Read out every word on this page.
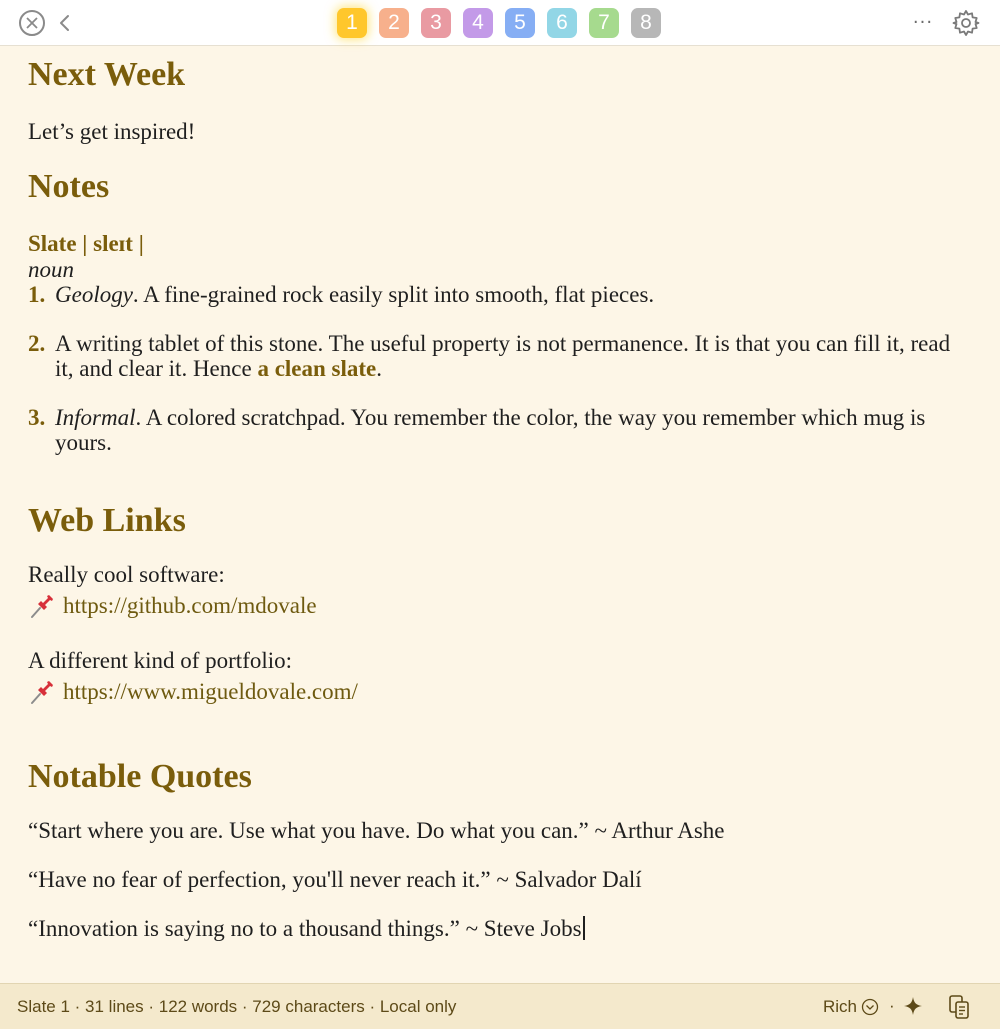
1	2	3	4	5	6	7	8	···
Next Week
Let’s get inspired!
Notes
Slate | sleɪt |
noun
1. Geology. A fine-grained rock easily split into smooth, flat pieces.
2. A writing tablet of this stone. The useful property is not permanence. It is that you can fill it, read it, and clear it. Hence a clean slate.
3. Informal. A colored scratchpad. You remember the color, the way you remember which mug is yours.
Web Links
Really cool software:
https://github.com/mdovale
A different kind of portfolio:
https://www.migueldovale.com/
Notable Quotes
“Start where you are. Use what you have. Do what you can.” ~ Arthur Ashe
“Have no fear of perfection, you'll never reach it.” ~ Salvador Dalí
“Innovation is saying no to a thousand things.” ~ Steve Jobs
Slate 1 · 31 lines · 122 words · 729 characters · Local only	Rich ·
